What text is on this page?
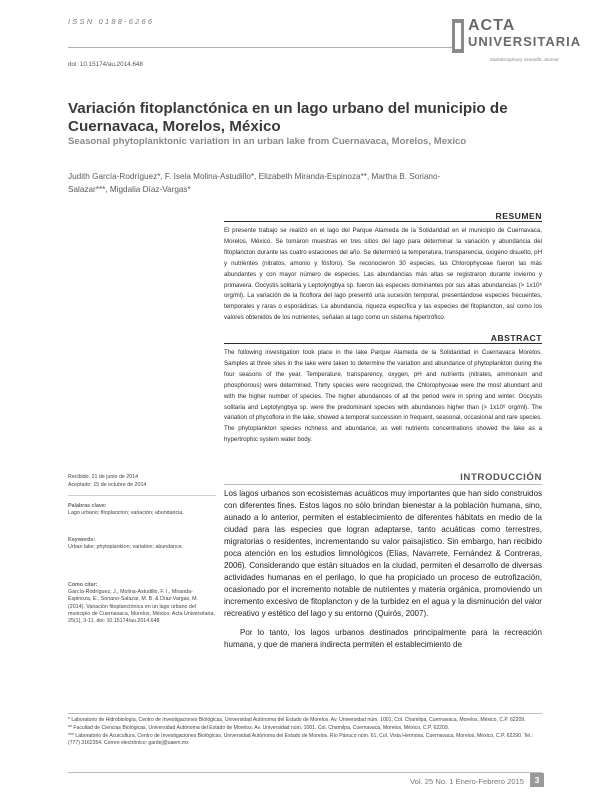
ISSN 0188-6266
doi: 10.15174/au.2014.648
ACTA
UNIVERSITARIA
Multidisciplinary Scientific Journal
Variación fitoplanctónica en un lago urbano del municipio de Cuernavaca, Morelos, México
Seasonal phytoplanktonic variation in an urban lake from Cuernavaca, Morelos, Mexico
Judith García-Rodríguez*, F. Isela Molina-Astudillo*, Elizabeth Miranda-Espinoza**, Martha B. Soriano-Salazar***, Migdalia Díaz-Vargas*
RESUMEN
El presente trabajo se realizó en el lago del Parque Alameda de la Solidaridad en el municipio de Cuernavaca, Morelos, México. Se tomaron muestras en tres sitios del lago para determinar la variación y abundancia del fitoplancton durante las cuatro estaciones del año. Se determinó la temperatura, transparencia, oxígeno disuelto, pH y nutrientes (nitratos, amonio y fósforo). Se reconocieron 30 especies, las Chlorophyceae fueron las más abundantes y con mayor número de especies. Las abundancias más altas se registraron durante invierno y primavera. Oocystis solitaria y Leptolyngbya sp. fueron las especies dominantes por sus altas abundancias (> 1x10⁶ org/ml). La variación de la ficoflora del lago presentó una sucesión temporal, presentándose especies frecuentes, temporales y raras o esporádicas. La abundancia, riqueza específica y las especies del fitoplancton, así como los valores obtenidos de los nutrientes, señalan al lago como un sistema hipertrófico.
ABSTRACT
The following investigation took place in the lake Parque Alameda de la Solidaridad in Cuernavaca Morelos. Samples at three sites in the lake were taken to determine the variation and abundance of phytoplankton during the four seasons of the year. Temperature, transparency, oxygen, pH and nutrients (nitrates, ammonium and phosphorous) were determined. Thirty species were recognized, the Chlorophyceae were the most abundant and with the higher number of species. The higher abundances of all the period were in spring and winter. Oocystis solitaria and Leptolyngbya sp. were the predominant species with abundances higher than (> 1x10⁶ org/ml). The variation of phycoflora in the lake, showed a temporal succession in frequent, seasonal, occasional and rare species. The phytoplankton species richness and abundance, as well nutrients concentrations showed the lake as a hypertrophic system water body.
INTRODUCCIÓN

Los lagos urbanos son ecosistemas acuáticos muy importantes que han sido construidos con diferentes fines. Estos lagos no sólo brindan bienestar a la población humana, sino, aunado a lo anterior, permiten el establecimiento de diferentes hábitats en medio de la ciudad para las especies que logran adaptarse, tanto acuáticas como terrestres, migratorias o residentes, incrementando su valor paisajístico. Sin embargo, han recibido poca atención en los estudios limnológicos (Elías, Navarrete, Fernández & Contreras, 2006). Considerando que están situados en la ciudad, permiten el desarrollo de diversas actividades humanas en el perilago, lo que ha propiciado un proceso de eutrofización, ocasionado por el incremento notable de nutrientes y materia orgánica, promoviendo un incremento excesivo de fitoplancton y de la turbidez en el agua y la disminución del valor recreativo y estético del lago y su entorno (Quirós, 2007).

Por lo tanto, los lagos urbanos destinados principalmente para la recreación humana, y que de manera indirecta permiten el establecimiento de

Recibido: 21 de junio de 2014
Aceptado: 15 de octubre de 2014
Palabras clave:
Lago urbano; fitoplancton; variación; abundancia.
Keywords:
Urban lake; phytoplankton; variation; abundance.
Cómo citar:
García-Rodríguez, J., Molina-Astudillo, F. I., Miranda-Espinoza, E., Soriano-Salazar, M. B. & Díaz-Vargas, M. (2014). Variación fitoplanctónica en un lago urbano del municipio de Cuernavaca, Morelos, México. Acta Universitaria, 25(1), 3-11. doi: 10.15174/au.2014.648

* Laboratorio de Hidrobiología, Centro de Investigaciones Biológicas, Universidad Autónoma del Estado de Morelos. Av. Universidad núm. 1001, Col. Chamilpa, Cuernavaca, Morelos, México, C.P. 62209.

** Facultad de Ciencias Biológicas, Universidad Autónoma del Estado de Morelos. Av. Universidad núm. 1001, Col. Chamilpa, Cuernavaca, Morelos, México, C.P. 62209.

*** Laboratorio de Acuicultura, Centro de Investigaciones Biológicas, Universidad Autónoma del Estado de Morelos. Río Pánuco núm. 61, Col. Vista Hermosa, Cuernavaca, Morelos, México, C.P. 62290. Tel.: (777) 3162354. Correo electrónico: gardej@uaem.mx

Vol. 25 No. 1 Enero-Febrero 2015	3
